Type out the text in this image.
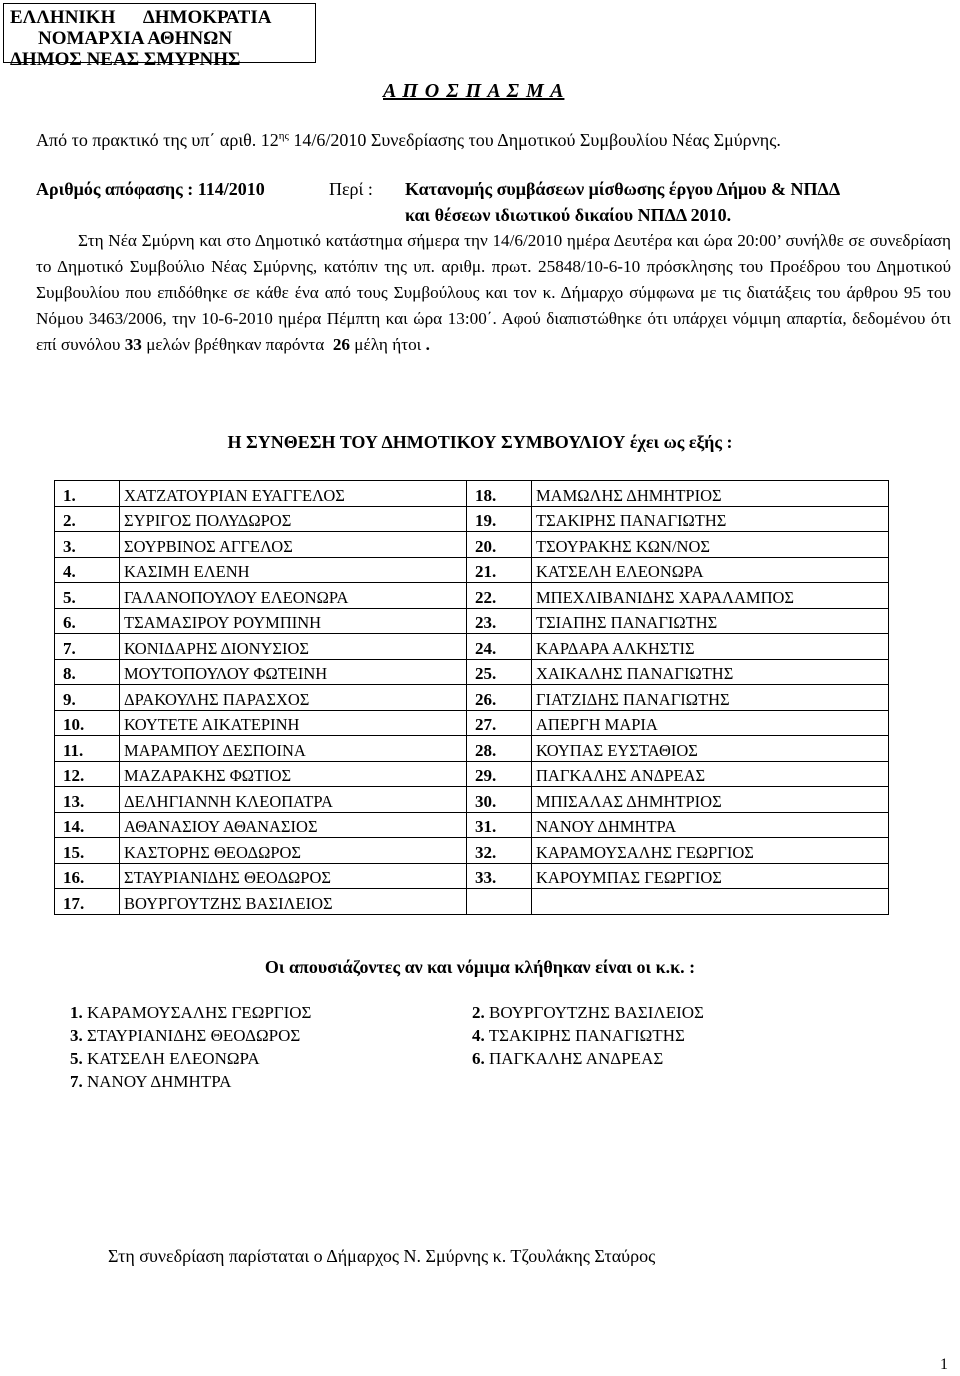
ΕΛΛΗΝΙΚΗ      ΔΗΜΟΚΡΑΤΙΑ
ΝΟΜΑΡΧΙΑ ΑΘΗΝΩΝ
ΔΗΜΟΣ ΝΕΑΣ ΣΜΥΡΝΗΣ
Α Π Ο Σ Π Α Σ Μ Α
Από το πρακτικό της υπ΄ αριθ. $12^{\eta\varsigma}$ 14/6/2010 Συνεδρίασης του Δημοτικού Συμβουλίου Νέας Σμύρνης.
Αριθμός απόφασης : 114/2010	Περί : Κατανομής συμβάσεων μίσθωσης έργου Δήμου & ΝΠΔΔ
και θέσεων ιδιωτικού δικαίου ΝΠΔΔ 2010.

Στη Νέα Σμύρνη και στο Δημοτικό κατάστημα σήμερα την 14/6/2010 ημέρα Δευτέρα και ώρα 20:00’ συνήλθε σε συνεδρίαση το Δημοτικό Συμβούλιο Νέας Σμύρνης, κατόπιν της υπ. αριθμ. πρωτ. 25848/10-6-10 πρόσκλησης του Προέδρου του Δημοτικού Συμβουλίου που επιδόθηκε σε κάθε ένα από τους Συμβούλους και τον κ. Δήμαρχο σύμφωνα με τις διατάξεις του άρθρου 95 του Νόμου 3463/2006, την 10-6-2010 ημέρα Πέμπτη και ώρα 13:00΄. Αφού διαπιστώθηκε ότι υπάρχει νόμιμη απαρτία, δεδομένου ότι επί συνόλου 33 μελών βρέθηκαν παρόντα 26 μέλη ήτοι .

Η ΣΥΝΘΕΣΗ ΤΟΥ ΔΗΜΟΤΙΚΟΥ ΣΥΜΒΟΥΛΙΟΥ έχει ως εξής :
1.	ΧΑΤΖΑΤΟΥΡΙΑΝ ΕΥΑΓΓΕΛΟΣ	18.	ΜΑΜΩΛΗΣ ΔΗΜΗΤΡΙΟΣ
2.	ΣΥΡΙΓΟΣ ΠΟΛΥΔΩΡΟΣ	19.	ΤΣΑΚΙΡΗΣ ΠΑΝΑΓΙΩΤΗΣ
3.	ΣΟΥΡΒΙΝΟΣ ΑΓΓΕΛΟΣ	20.	ΤΣΟΥΡΑΚΗΣ ΚΩΝ/ΝΟΣ
4.	ΚΑΣΙΜΗ ΕΛΕΝΗ	21.	ΚΑΤΣΕΛΗ ΕΛΕΟΝΩΡΑ
5.	ΓΑΛΑΝΟΠΟΥΛΟΥ ΕΛΕΟΝΩΡΑ	22.	ΜΠΕΧΛΙΒΑΝΙΔΗΣ ΧΑΡΑΛΑΜΠΟΣ
6.	ΤΣΑΜΑΣΙΡΟΥ ΡΟΥΜΠΙΝΗ	23.	ΤΣΙΑΠΗΣ ΠΑΝΑΓΙΩΤΗΣ
7.	ΚΟΝΙΔΑΡΗΣ ΔΙΟΝΥΣΙΟΣ	24.	ΚΑΡΔΑΡΑ ΑΛΚΗΣΤΙΣ
8.	ΜΟΥΤΟΠΟΥΛΟΥ ΦΩΤΕΙΝΗ	25.	ΧΑΙΚΑΛΗΣ ΠΑΝΑΓΙΩΤΗΣ
9.	ΔΡΑΚΟΥΛΗΣ ΠΑΡΑΣΧΟΣ	26.	ΓΙΑΤΖΙΔΗΣ ΠΑΝΑΓΙΩΤΗΣ
10.	ΚΟΥΤΕΤΕ ΑΙΚΑΤΕΡΙΝΗ	27.	ΑΠΕΡΓΗ ΜΑΡΙΑ
11.	ΜΑΡΑΜΠΟΥ ΔΕΣΠΟΙΝΑ	28.	ΚΟΥΠΑΣ ΕΥΣΤΑΘΙΟΣ
12.	ΜΑΖΑΡΑΚΗΣ ΦΩΤΙΟΣ	29.	ΠΑΓΚΑΛΗΣ ΑΝΔΡΕΑΣ
13.	ΔΕΛΗΓΙΑΝΝΗ ΚΛΕΟΠΑΤΡΑ	30.	ΜΠΙΣΑΛΑΣ ΔΗΜΗΤΡΙΟΣ
14.	ΑΘΑΝΑΣΙΟΥ ΑΘΑΝΑΣΙΟΣ	31.	ΝΑΝΟΥ ΔΗΜΗΤΡΑ
15.	ΚΑΣΤΟΡΗΣ ΘΕΟΔΩΡΟΣ	32.	ΚΑΡΑΜΟΥΣΑΛΗΣ ΓΕΩΡΓΙΟΣ
16.	ΣΤΑΥΡΙΑΝΙΔΗΣ ΘΕΟΔΩΡΟΣ	33.	ΚΑΡΟΥΜΠΑΣ ΓΕΩΡΓΙΟΣ
17.	ΒΟΥΡΓΟΥΤΖΗΣ ΒΑΣΙΛΕΙΟΣ		
Οι απουσιάζοντες αν και νόμιμα κλήθηκαν είναι οι κ.κ. :
1. ΚΑΡΑΜΟΥΣΑΛΗΣ ΓΕΩΡΓΙΟΣ	2. ΒΟΥΡΓΟΥΤΖΗΣ ΒΑΣΙΛΕΙΟΣ
3. ΣΤΑΥΡΙΑΝΙΔΗΣ ΘΕΟΔΩΡΟΣ	4. ΤΣΑΚΙΡΗΣ ΠΑΝΑΓΙΩΤΗΣ
5. ΚΑΤΣΕΛΗ ΕΛΕΟΝΩΡΑ	6. ΠΑΓΚΑΛΗΣ ΑΝΔΡΕΑΣ
7. ΝΑΝΟΥ ΔΗΜΗΤΡΑ
Στη συνεδρίαση παρίσταται ο Δήμαρχος Ν. Σμύρνης κ. Τζουλάκης Σταύρος
1
